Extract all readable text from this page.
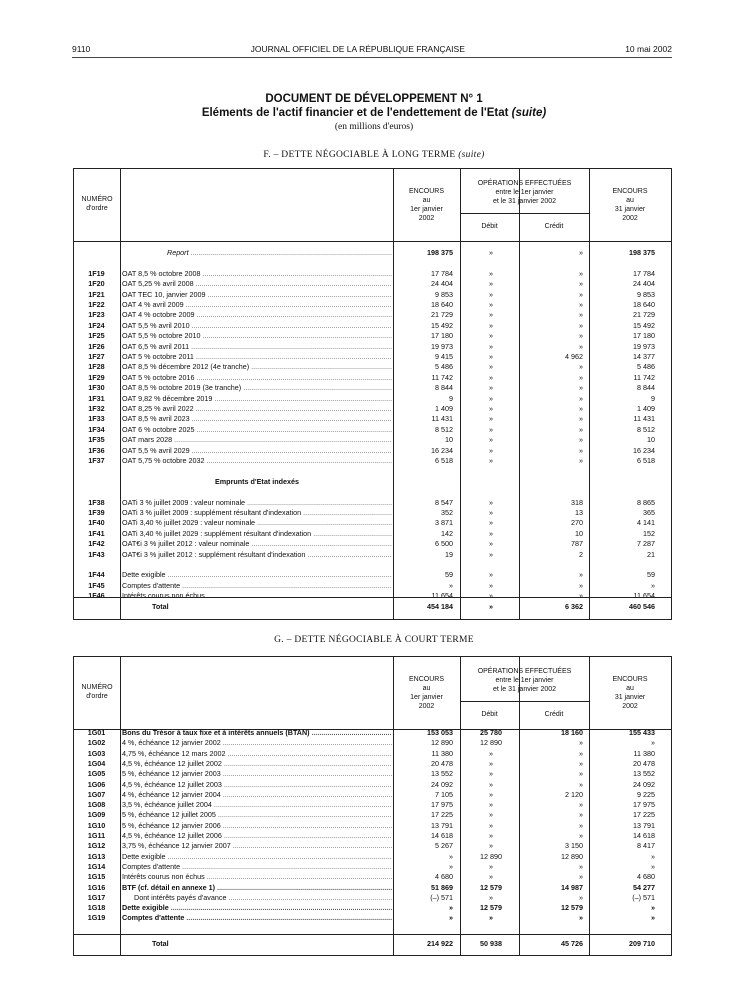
9110	JOURNAL OFFICIEL DE LA RÉPUBLIQUE FRANÇAISE	10 mai 2002
DOCUMENT DE DÉVELOPPEMENT N° 1
Eléments de l'actif financier et de l'endettement de l'Etat (suite)
(en millions d'euros)
F. – DETTE NÉGOCIABLE À LONG TERME (suite)
NUMÉRO
d'ordre
ENCOURS
au
1er janvier
2002
OPÉRATIONS EFFECTUÉES
entre le 1er janvier
et le 31 janvier 2002
Débit	Crédit
ENCOURS
au
31 janvier
2002
Report .....	198 375	»	»	198 375
1F19	OAT 8,5 % octobre 2008 .....	17 784	»	»	17 784
1F20	OAT 5,25 % avril 2008 .....	24 404	»	»	24 404
1F21	OAT TEC 10, janvier 2009 .....	9 853	»	»	9 853
1F22	OAT 4 % avril 2009 .....	18 640	»	»	18 640
1F23	OAT 4 % octobre 2009 .....	21 729	»	»	21 729
1F24	OAT 5,5 % avril 2010 .....	15 492	»	»	15 492
1F25	OAT 5,5 % octobre 2010 .....	17 180	»	»	17 180
1F26	OAT 6,5 % avril 2011 .....	19 973	»	»	19 973
1F27	OAT 5 % octobre 2011 .....	9 415	»	4 962	14 377
1F28	OAT 8,5 % décembre 2012 (4e tranche) .....	5 486	»	»	5 486
1F29	OAT 5 % octobre 2016 .....	11 742	»	»	11 742
1F30	OAT 8,5 % octobre 2019 (3e tranche) .....	8 844	»	»	8 844
1F31	OAT 9,82 % décembre 2019 .....	9	»	»	9
1F32	OAT 8,25 % avril 2022 .....	1 409	»	»	1 409
1F33	OAT 8,5 % avril 2023 .....	11 431	»	»	11 431
1F34	OAT 6 % octobre 2025 .....	8 512	»	»	8 512
1F35	OAT mars 2028 .....	10	»	»	10
1F36	OAT 5,5 % avril 2029 .....	16 234	»	»	16 234
1F37	OAT 5,75 % octobre 2032 .....	6 518	»	»	6 518
Emprunts d'Etat indexés
1F38	OATi 3 % juillet 2009 : valeur nominale .....	8 547	»	318	8 865
1F39	OATi 3 % juillet 2009 : supplément résultant d'indexation .....	352	»	13	365
1F40	OATi 3,40 % juillet 2029 : valeur nominale .....	3 871	»	270	4 141
1F41	OATi 3,40 % juillet 2029 : supplément résultant d'indexation .....	142	»	10	152
1F42	OAT€i 3 % juillet 2012 : valeur nominale .....	6 500	»	787	7 287
1F43	OAT€i 3 % juillet 2012 : supplément résultant d'indexation .....	19	»	2	21
1F44	Dette exigible .....	59	»	»	59
1F45	Comptes d'attente .....	»	»	»	»
1F46	Intérêts courus non échus .....	11 654	»	»	11 654
Total	454 184	»	6 362	460 546
G. – DETTE NÉGOCIABLE À COURT TERME
NUMÉRO
d'ordre
ENCOURS
au
1er janvier
2002
OPÉRATIONS EFFECTUÉES
entre le 1er janvier
et le 31 janvier 2002
Débit	Crédit
ENCOURS
au
31 janvier
2002
1G01	Bons du Trésor à taux fixe et à intérêts annuels (BTAN) .....	153 053	25 780	18 160	155 433
1G02	4 %, échéance 12 janvier 2002 .....	12 890	12 890	»	»
1G03	4,75 %, échéance 12 mars 2002 .....	11 380	»	»	11 380
1G04	4,5 %, échéance 12 juillet 2002 .....	20 478	»	»	20 478
1G05	5 %, échéance 12 janvier 2003 .....	13 552	»	»	13 552
1G06	4,5 %, échéance 12 juillet 2003 .....	24 092	»	»	24 092
1G07	4 %, échéance 12 janvier 2004 .....	7 105	»	2 120	9 225
1G08	3,5 %, échéance juillet 2004 .....	17 975	»	»	17 975
1G09	5 %, échéance 12 juillet 2005 .....	17 225	»	»	17 225
1G10	5 %, échéance 12 janvier 2006 .....	13 791	»	»	13 791
1G11	4,5 %, échéance 12 juillet 2006 .....	14 618	»	»	14 618
1G12	3,75 %, échéance 12 janvier 2007 .....	5 267	»	3 150	8 417
1G13	Dette exigible .....	»	12 890	12 890	»
1G14	Comptes d'attente .....	»	»	»	»
1G15	Intérêts courus non échus .....	4 680	»	»	4 680
1G16	BTF (cf. détail en annexe 1) .....	51 869	12 579	14 987	54 277
1G17	Dont intérêts payés d'avance .....	(–) 571	»	»	(–) 571
1G18	Dette exigible .....	»	12 579	12 579	»
1G19	Comptes d'attente .....	»	»	»	»
Total	214 922	50 938	45 726	209 710
